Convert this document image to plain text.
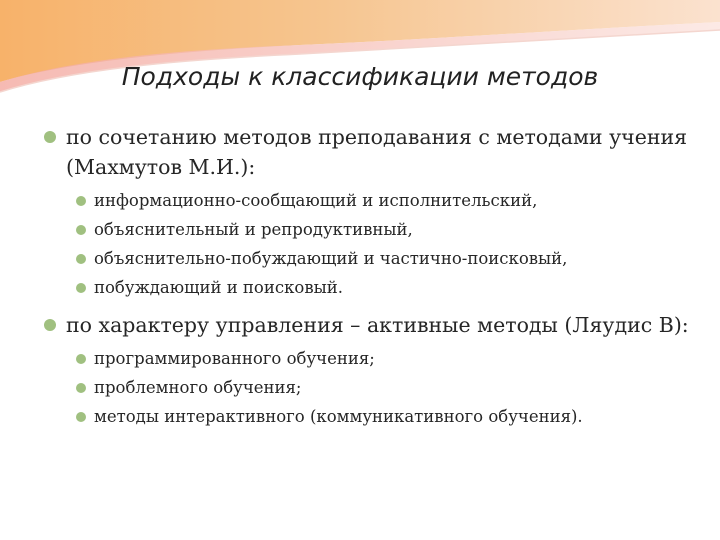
Подходы к классификации методов
по сочетанию методов преподавания с методами учения (Махмутов М.И.):
информационно-сообщающий и исполнительский,
объяснительный и репродуктивный,
объяснительно-побуждающий и частично-поисковый,
побуждающий и поисковый.
по характеру управления – активные методы (Ляудис В):
программированного обучения;
проблемного обучения;
методы интерактивного (коммуникативного обучения).
